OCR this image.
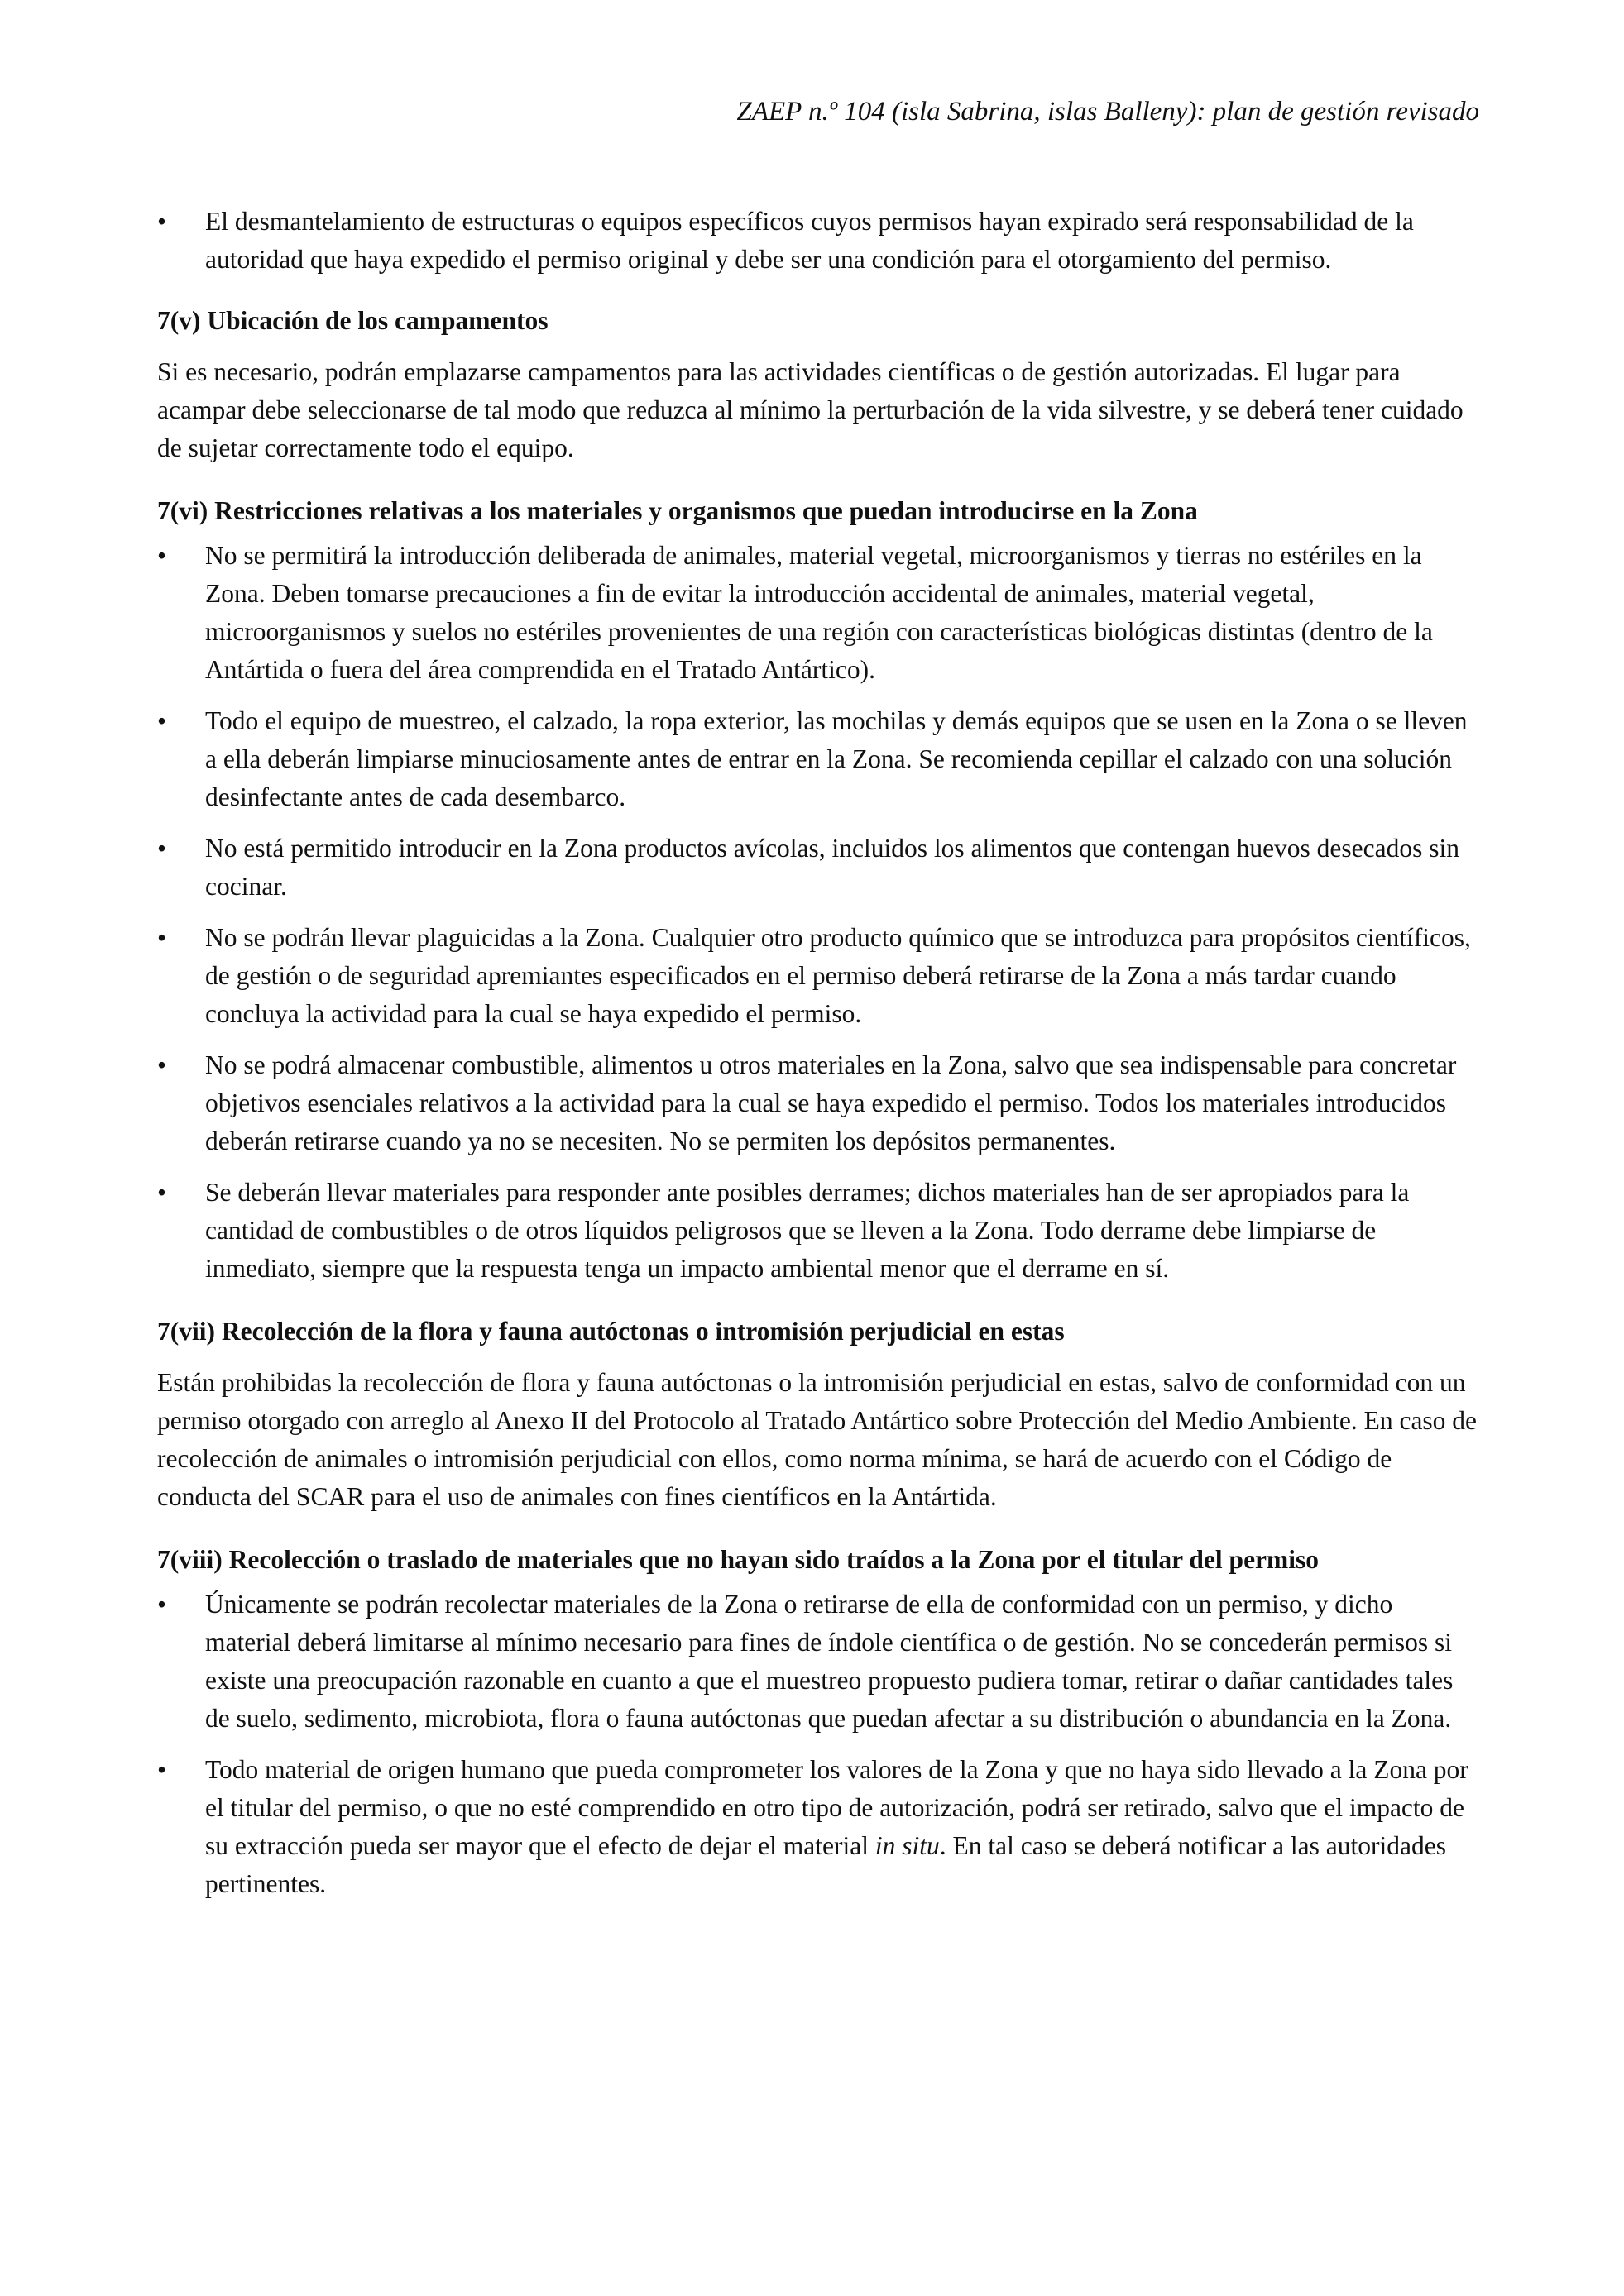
ZAEP n.º 104 (isla Sabrina, islas Balleny): plan de gestión revisado
•	El desmantelamiento de estructuras o equipos específicos cuyos permisos hayan expirado será responsabilidad de la autoridad que haya expedido el permiso original y debe ser una condición para el otorgamiento del permiso.
7(v) Ubicación de los campamentos
Si es necesario, podrán emplazarse campamentos para las actividades científicas o de gestión autorizadas. El lugar para acampar debe seleccionarse de tal modo que reduzca al mínimo la perturbación de la vida silvestre, y se deberá tener cuidado de sujetar correctamente todo el equipo.
7(vi) Restricciones relativas a los materiales y organismos que puedan introducirse en la Zona
•	No se permitirá la introducción deliberada de animales, material vegetal, microorganismos y tierras no estériles en la Zona. Deben tomarse precauciones a fin de evitar la introducción accidental de animales, material vegetal, microorganismos y suelos no estériles provenientes de una región con características biológicas distintas (dentro de la Antártida o fuera del área comprendida en el Tratado Antártico).
•	Todo el equipo de muestreo, el calzado, la ropa exterior, las mochilas y demás equipos que se usen en la Zona o se lleven a ella deberán limpiarse minuciosamente antes de entrar en la Zona. Se recomienda cepillar el calzado con una solución desinfectante antes de cada desembarco.
•	No está permitido introducir en la Zona productos avícolas, incluidos los alimentos que contengan huevos desecados sin cocinar.
•	No se podrán llevar plaguicidas a la Zona. Cualquier otro producto químico que se introduzca para propósitos científicos, de gestión o de seguridad apremiantes especificados en el permiso deberá retirarse de la Zona a más tardar cuando concluya la actividad para la cual se haya expedido el permiso.
•	No se podrá almacenar combustible, alimentos u otros materiales en la Zona, salvo que sea indispensable para concretar objetivos esenciales relativos a la actividad para la cual se haya expedido el permiso. Todos los materiales introducidos deberán retirarse cuando ya no se necesiten. No se permiten los depósitos permanentes.
•	Se deberán llevar materiales para responder ante posibles derrames; dichos materiales han de ser apropiados para la cantidad de combustibles o de otros líquidos peligrosos que se lleven a la Zona. Todo derrame debe limpiarse de inmediato, siempre que la respuesta tenga un impacto ambiental menor que el derrame en sí.
7(vii) Recolección de la flora y fauna autóctonas o intromisión perjudicial en estas
Están prohibidas la recolección de flora y fauna autóctonas o la intromisión perjudicial en estas, salvo de conformidad con un permiso otorgado con arreglo al Anexo II del Protocolo al Tratado Antártico sobre Protección del Medio Ambiente. En caso de recolección de animales o intromisión perjudicial con ellos, como norma mínima, se hará de acuerdo con el Código de conducta del SCAR para el uso de animales con fines científicos en la Antártida.
7(viii) Recolección o traslado de materiales que no hayan sido traídos a la Zona por el titular del permiso
•	Únicamente se podrán recolectar materiales de la Zona o retirarse de ella de conformidad con un permiso, y dicho material deberá limitarse al mínimo necesario para fines de índole científica o de gestión. No se concederán permisos si existe una preocupación razonable en cuanto a que el muestreo propuesto pudiera tomar, retirar o dañar cantidades tales de suelo, sedimento, microbiota, flora o fauna autóctonas que puedan afectar a su distribución o abundancia en la Zona.
•	Todo material de origen humano que pueda comprometer los valores de la Zona y que no haya sido llevado a la Zona por el titular del permiso, o que no esté comprendido en otro tipo de autorización, podrá ser retirado, salvo que el impacto de su extracción pueda ser mayor que el efecto de dejar el material in situ. En tal caso se deberá notificar a las autoridades pertinentes.
